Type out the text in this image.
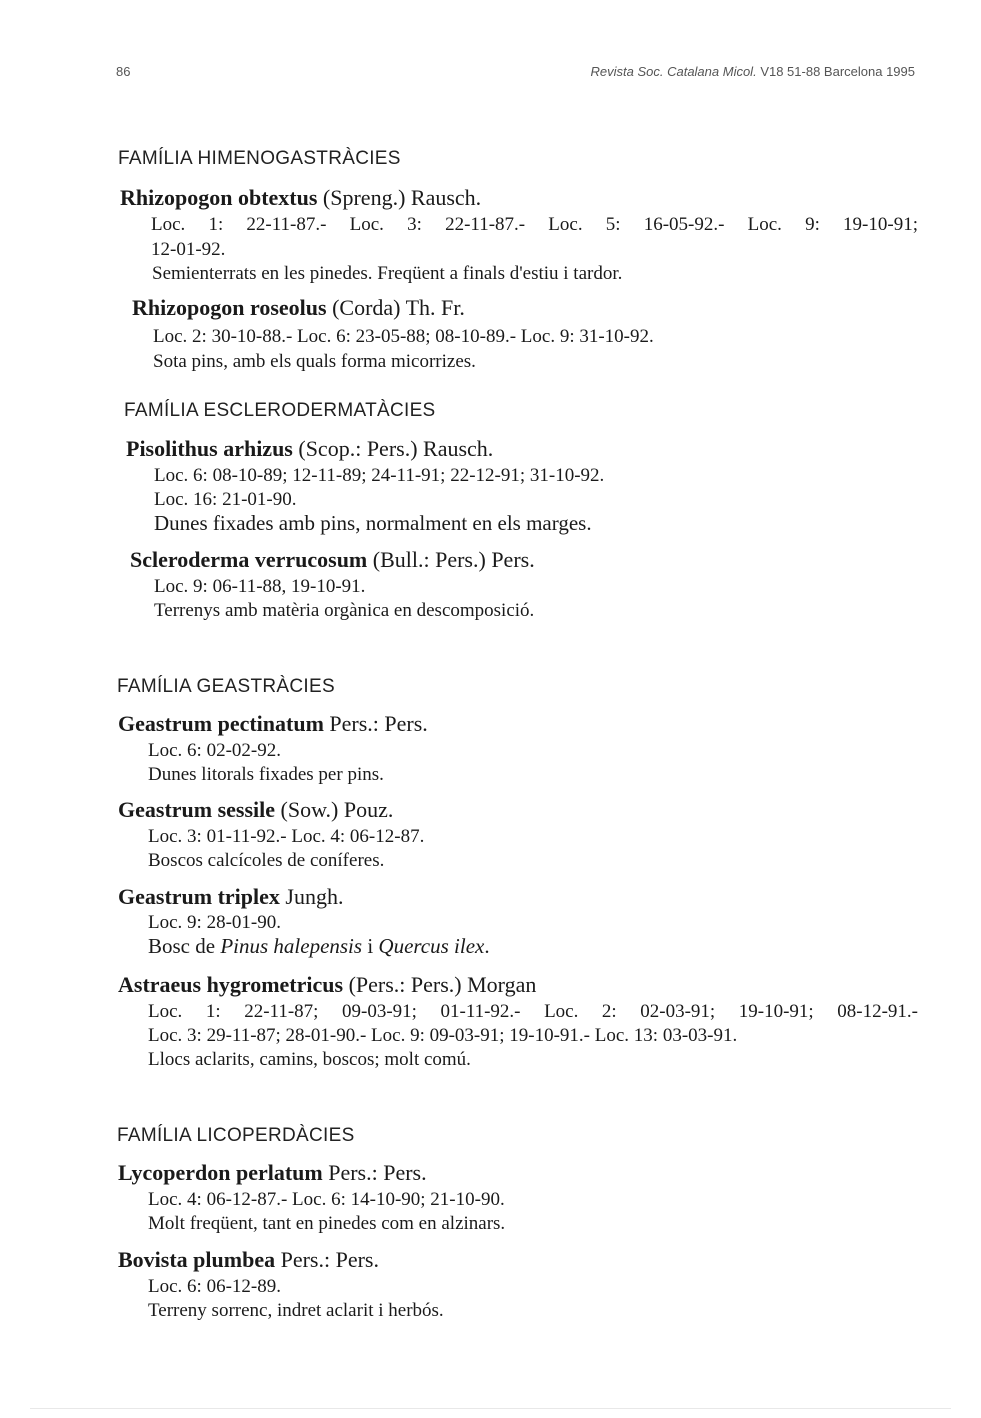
86	Revista Soc. Catalana Micol. V18 51-88 Barcelona 1995

FAMÍLIA HIMENOGASTRÀCIES

Rhizopogon obtextus (Spreng.) Rausch.

Loc. 1: 22-11-87.- Loc. 3: 22-11-87.- Loc. 5: 16-05-92.- Loc. 9: 19-10-91;

12-01-92.

Semienterrats en les pinedes. Freqüent a finals d'estiu i tardor.

Rhizopogon roseolus (Corda) Th. Fr.

Loc. 2: 30-10-88.- Loc. 6: 23-05-88; 08-10-89.- Loc. 9: 31-10-92.

Sota pins, amb els quals forma micorrizes.

FAMÍLIA ESCLERODERMATÀCIES

Pisolithus arhizus (Scop.: Pers.) Rausch.

Loc. 6: 08-10-89; 12-11-89; 24-11-91; 22-12-91; 31-10-92.

Loc. 16: 21-01-90.

Dunes fixades amb pins, normalment en els marges.

Scleroderma verrucosum (Bull.: Pers.) Pers.

Loc. 9: 06-11-88, 19-10-91.

Terrenys amb matèria orgànica en descomposició.

FAMÍLIA GEASTRÀCIES

Geastrum pectinatum Pers.: Pers.

Loc. 6: 02-02-92.

Dunes litorals fixades per pins.

Geastrum sessile (Sow.) Pouz.

Loc. 3: 01-11-92.- Loc. 4: 06-12-87.

Boscos calcícoles de coníferes.

Geastrum triplex Jungh.

Loc. 9: 28-01-90.

Bosc de Pinus halepensis i Quercus ilex.

Astraeus hygrometricus (Pers.: Pers.) Morgan

Loc. 1: 22-11-87; 09-03-91; 01-11-92.- Loc. 2: 02-03-91; 19-10-91; 08-12-91.-

Loc. 3: 29-11-87; 28-01-90.- Loc. 9: 09-03-91; 19-10-91.- Loc. 13: 03-03-91.

Llocs aclarits, camins, boscos; molt comú.

FAMÍLIA LICOPERDÀCIES

Lycoperdon perlatum Pers.: Pers.

Loc. 4: 06-12-87.- Loc. 6: 14-10-90; 21-10-90.

Molt freqüent, tant en pinedes com en alzinars.

Bovista plumbea Pers.: Pers.

Loc. 6: 06-12-89.

Terreny sorrenc, indret aclarit i herbós.
